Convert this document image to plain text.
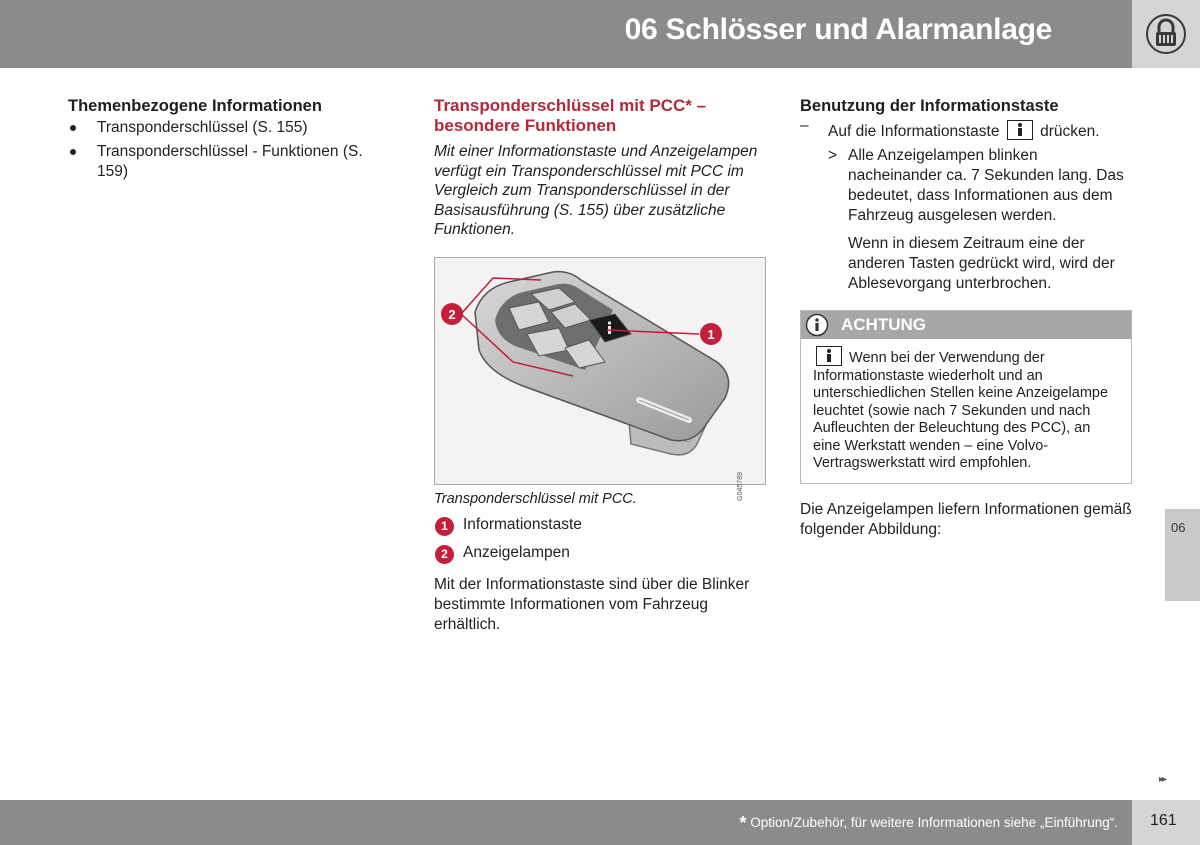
06 Schlösser und Alarmanlage
Themenbezogene Informationen
Transponderschlüssel (S. 155)
Transponderschlüssel - Funktionen (S. 159)
Transponderschlüssel mit PCC* – besondere Funktionen
Mit einer Informationstaste und Anzeigelampen verfügt ein Transponderschlüssel mit PCC im Vergleich zum Transponderschlüssel in der Basisausführung (S. 155) über zusätzliche Funktionen.
2
1
G045789
Transponderschlüssel mit PCC.
1 Informationstaste
2 Anzeigelampen
Mit der Informationstaste sind über die Blinker bestimmte Informationen vom Fahrzeug erhältlich.
Benutzung der Informationstaste
– Auf die Informationstaste	drücken.
> Alle Anzeigelampen blinken nacheinander ca. 7 Sekunden lang. Das bedeutet, dass Informationen aus dem Fahrzeug ausgelesen werden.
Wenn in diesem Zeitraum eine der anderen Tasten gedrückt wird, wird der Ablesevorgang unterbrochen.
ACHTUNG
Wenn bei der Verwendung der Informationstaste wiederholt und an unterschiedlichen Stellen keine Anzeigelampe leuchtet (sowie nach 7 Sekunden und nach Aufleuchten der Beleuchtung des PCC), an eine Werkstatt wenden – eine Volvo-Vertragswerkstatt wird empfohlen.
Die Anzeigelampen liefern Informationen gemäß folgender Abbildung:	06
▸▸
* Option/Zubehör, für weitere Informationen siehe „Einführung“. 161
